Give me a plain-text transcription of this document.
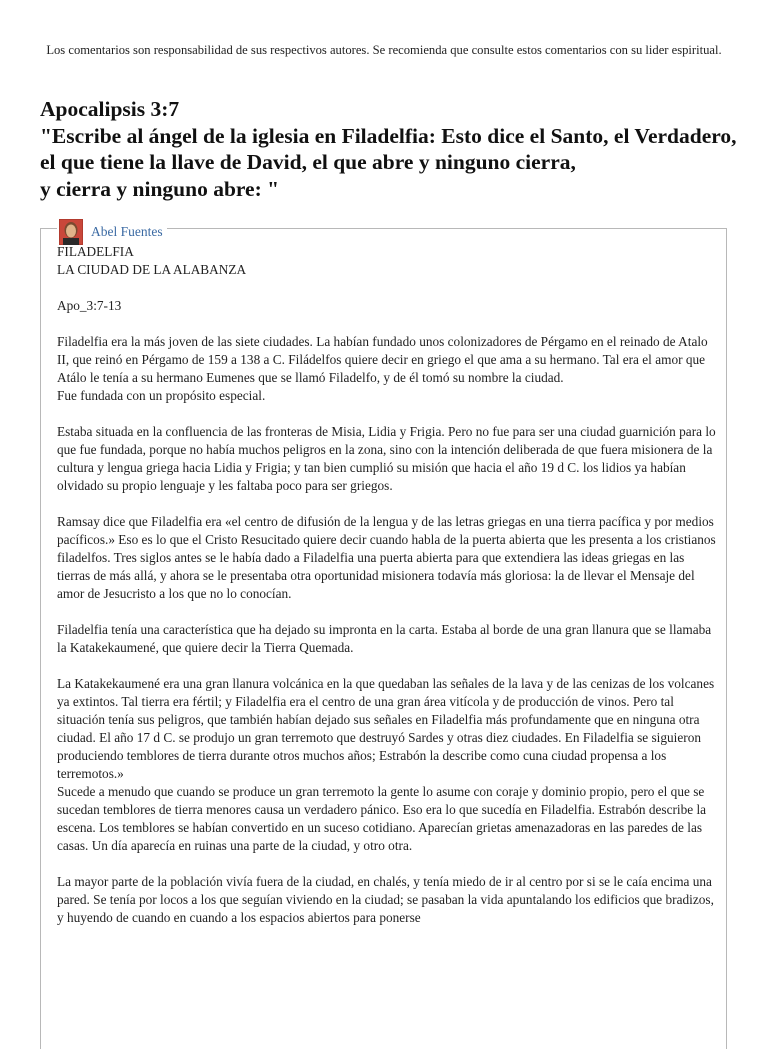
Los comentarios son responsabilidad de sus respectivos autores. Se recomienda que consulte estos comentarios con su lider espiritual.
Apocalipsis 3:7
"Escribe al ángel de la iglesia en Filadelfia: Esto dice el Santo, el Verdadero, el que tiene la llave de David, el que abre y ninguno cierra,
y cierra y ninguno abre: "
Abel Fuentes

FILADELFIA

LA CIUDAD DE LA ALABANZA

Apo_3:7-13

Filadelfia era la más joven de las siete ciudades. La habían fundado unos colonizadores de Pérgamo en el reinado de Atalo II, que reinó en Pérgamo de 159 a 138 a C. Filádelfos quiere decir en griego el que ama a su hermano. Tal era el amor que Atálo le tenía a su hermano Eumenes que se llamó Filadelfo, y de él tomó su nombre la ciudad.

Fue fundada con un propósito especial.

Estaba situada en la confluencia de las fronteras de Misia, Lidia y Frigia. Pero no fue para ser una ciudad guarnición para lo que fue fundada, porque no había muchos peligros en la zona, sino con la intención deliberada de que fuera misionera de la cultura y lengua griega hacia Lidia y Frigia; y tan bien cumplió su misión que hacia el año 19 d C. los lidios ya habían olvidado su propio lenguaje y les faltaba poco para ser griegos.

Ramsay dice que Filadelfia era «el centro de difusión de la lengua y de las letras griegas en una tierra pacífica y por medios pacíficos.» Eso es lo que el Cristo Resucitado quiere decir cuando habla de la puerta abierta que les presenta a los cristianos filadelfos. Tres siglos antes se le había dado a Filadelfia una puerta abierta para que extendiera las ideas griegas en las tierras de más allá, y ahora se le presentaba otra oportunidad misionera todavía más gloriosa: la de llevar el Mensaje del amor de Jesucristo a los que no lo conocían.

Filadelfia tenía una característica que ha dejado su impronta en la carta. Estaba al borde de una gran llanura que se llamaba la Katakekaumené, que quiere decir la Tierra Quemada.

La Katakekaumené era una gran llanura volcánica en la que quedaban las señales de la lava y de las cenizas de los volcanes ya extintos. Tal tierra era fértil; y Filadelfia era el centro de una gran área vitícola y de producción de vinos. Pero tal situación tenía sus peligros, que también habían dejado sus señales en Filadelfia más profundamente que en ninguna otra ciudad. El año 17 d C. se produjo un gran terremoto que destruyó Sardes y otras diez ciudades. En Filadelfia se siguieron produciendo temblores de tierra durante otros muchos años; Estrabón la describe como cuna ciudad propensa a los terremotos.»

Sucede a menudo que cuando se produce un gran terremoto la gente lo asume con coraje y dominio propio, pero el que se sucedan temblores de tierra menores causa un verdadero pánico. Eso era lo que sucedía en Filadelfia. Estrabón describe la escena. Los temblores se habían convertido en un suceso cotidiano. Aparecían grietas amenazadoras en las paredes de las casas. Un día aparecía en ruinas una parte de la ciudad, y otro otra.

La mayor parte de la población vivía fuera de la ciudad, en chalés, y tenía miedo de ir al centro por si se le caía encima una pared. Se tenía por locos a los que seguían viviendo en la ciudad; se pasaban la vida apuntalando los edificios que bradizos, y huyendo de cuando en cuando a los espacios abiertos para ponerse
